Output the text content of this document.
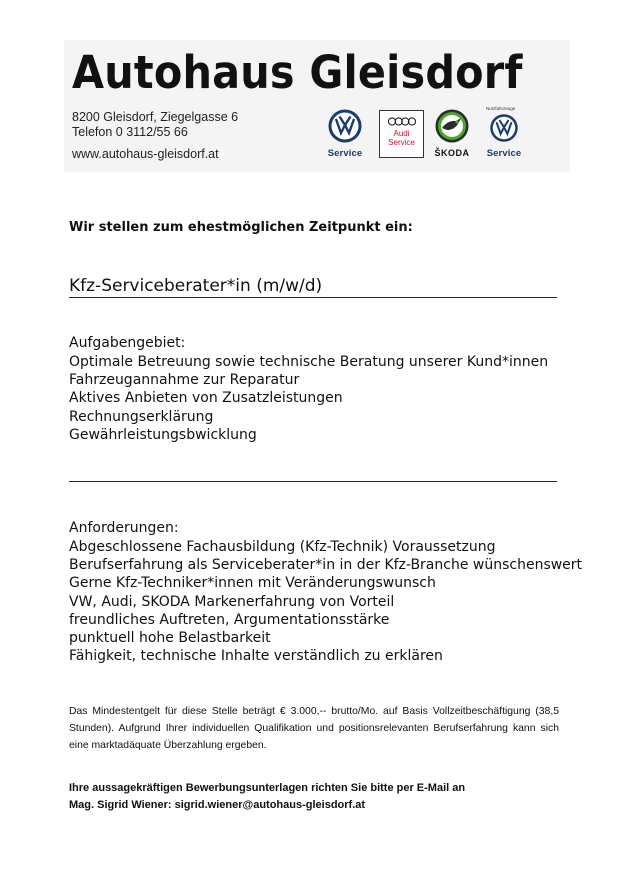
Autohaus Gleisdorf
8200 Gleisdorf, Ziegelgasse 6
Telefon 0 3112/55 66
www.autohaus-gleisdorf.at	Service
Audi
Service
ŠKODA
Nutzfahrzeuge
Service
Wir stellen zum ehestmöglichen Zeitpunkt ein:
Kfz-Serviceberater*in (m/w/d)
Aufgabengebiet:
Optimale Betreuung sowie technische Beratung unserer Kund*innen
Fahrzeugannahme zur Reparatur
Aktives Anbieten von Zusatzleistungen
Rechnungserklärung
Gewährleistungsbwicklung
Anforderungen:
Abgeschlossene Fachausbildung (Kfz-Technik) Voraussetzung
Berufserfahrung als Serviceberater*in in der Kfz-Branche wünschenswert
Gerne Kfz-Techniker*innen mit Veränderungswunsch
VW, Audi, SKODA Markenerfahrung von Vorteil
freundliches Auftreten, Argumentationsstärke
punktuell hohe Belastbarkeit
Fähigkeit, technische Inhalte verständlich zu erklären
Das Mindestentgelt für diese Stelle beträgt € 3.000,-- brutto/Mo. auf Basis Vollzeitbeschäftigung (38,5 Stunden). Aufgrund Ihrer individuellen Qualifikation und positionsrelevanten Berufserfahrung kann sich eine marktadäquate Überzahlung ergeben.
Ihre aussagekräftigen Bewerbungsunterlagen richten Sie bitte per E-Mail an
Mag. Sigrid Wiener: sigrid.wiener@autohaus-gleisdorf.at
